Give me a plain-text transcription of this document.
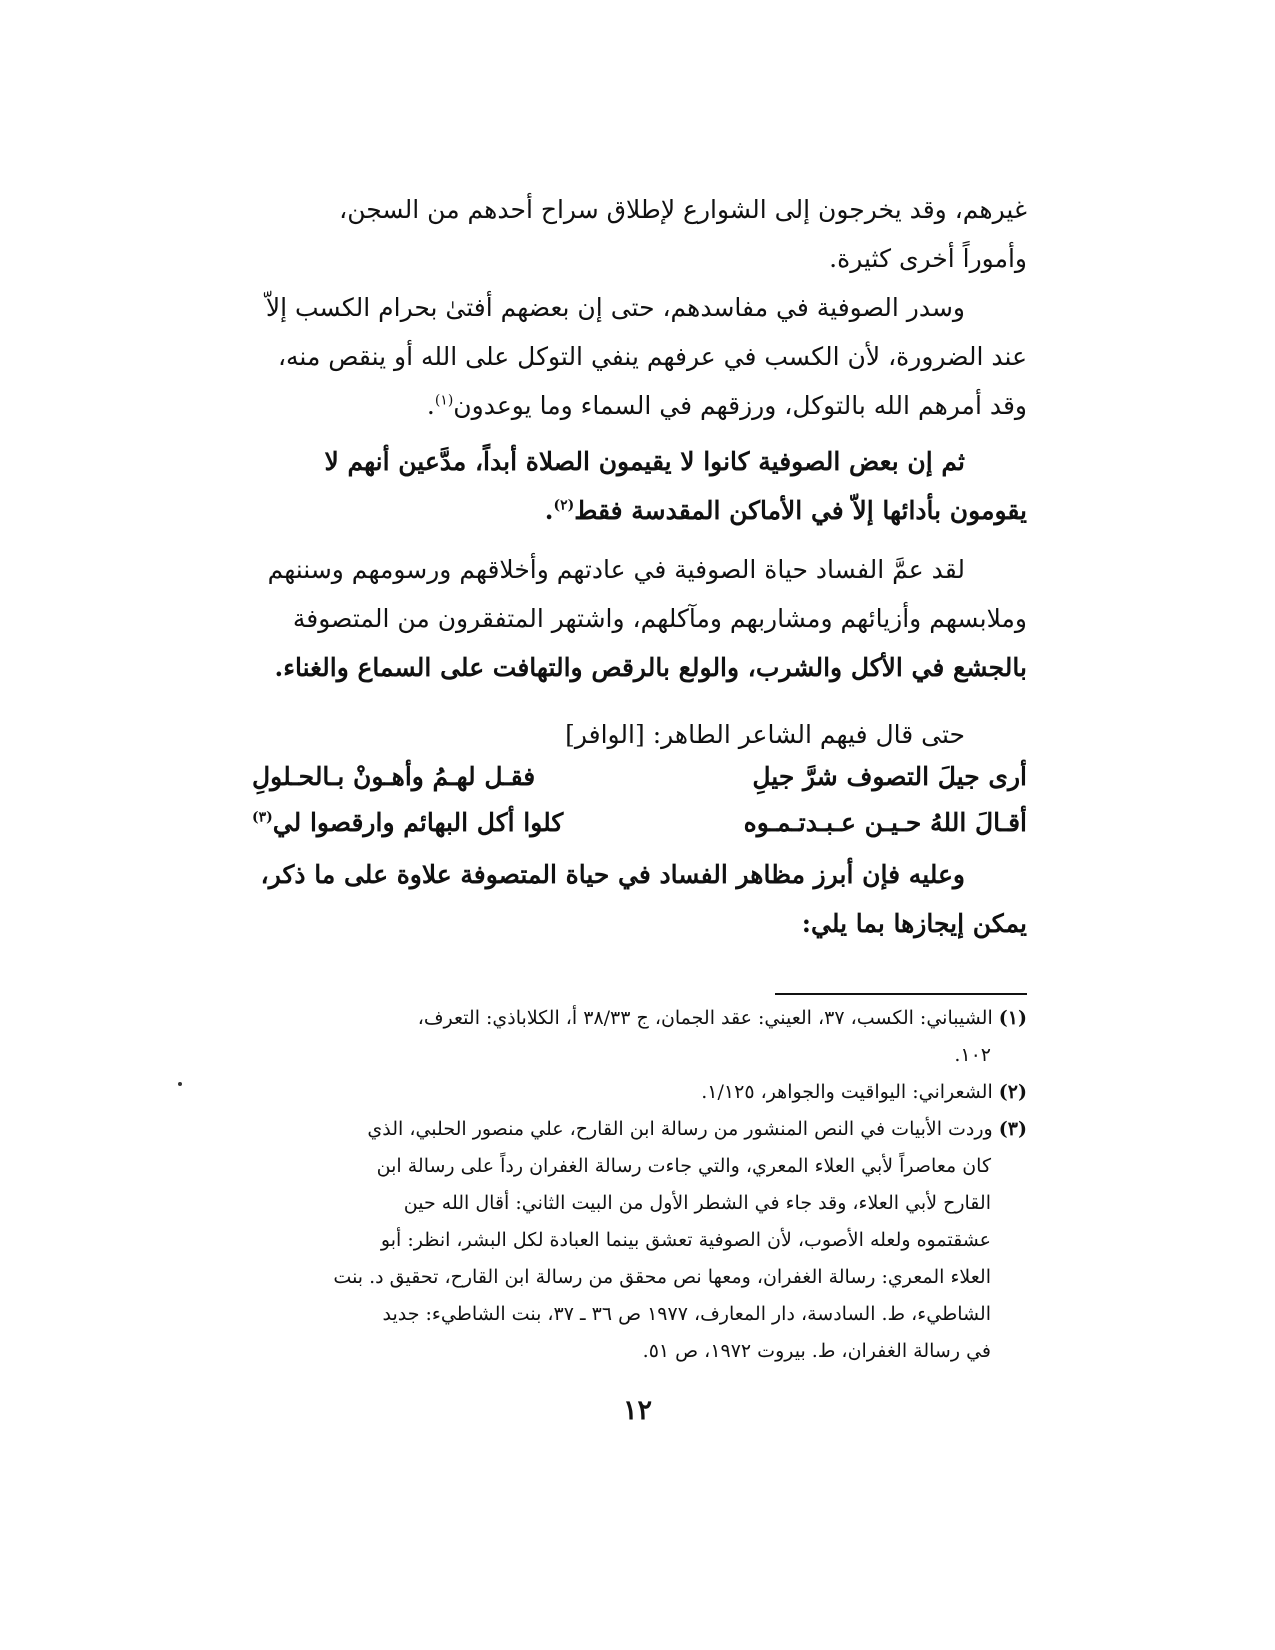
غيرهم، وقد يخرجون إلى الشوارع لإطلاق سراح أحدهم من السجن،

وأموراً أخرى كثيرة.

وسدر الصوفية في مفاسدهم، حتى إن بعضهم أفتىٰ بحرام الكسب إلاّ

عند الضرورة، لأن الكسب في عرفهم ينفي التوكل على الله أو ينقص منه،

وقد أمرهم الله بالتوكل، ورزقهم في السماء وما يوعدون$^{(١)}$.

ثم إن بعض الصوفية كانوا لا يقيمون الصلاة أبداً، مدَّعين أنهم لا

يقومون بأدائها إلاّ في الأماكن المقدسة فقط$^{(٢)}$.

لقد عمَّ الفساد حياة الصوفية في عادتهم وأخلاقهم ورسومهم وسننهم

وملابسهم وأزيائهم ومشاربهم ومآكلهم، واشتهر المتفقرون من المتصوفة

بالجشع في الأكل والشرب، والولع بالرقص والتهافت على السماع والغناء.

حتى قال فيهم الشاعر الطاهر: [الوافر]

أرى جيلَ التصوف شرَّ جيلِ
فقـل لهـمُ وأهـونْ بـالحـلولِ
أقـالَ اللهُ حـيـن عـبـدتـمـوه
كلوا أكل البهائم وارقصوا لي$^{(٣)}$

وعليه فإن أبرز مظاهر الفساد في حياة المتصوفة علاوة على ما ذكر،

يمكن إيجازها بما يلي:

(١) الشيباني: الكسب، ٣٧، العيني: عقد الجمان، ج ٣٨/٣٣ أ، الكلاباذي: التعرف،
١٠٢.

(٢) الشعراني: اليواقيت والجواهر، ١/١٢٥.

(٣) وردت الأبيات في النص المنشور من رسالة ابن القارح، علي منصور الحلبي، الذي
كان معاصراً لأبي العلاء المعري، والتي جاءت رسالة الغفران رداً على رسالة ابن
القارح لأبي العلاء، وقد جاء في الشطر الأول من البيت الثاني: أقال الله حين
عشقتموه ولعله الأصوب، لأن الصوفية تعشق بينما العبادة لكل البشر، انظر: أبو
العلاء المعري: رسالة الغفران، ومعها نص محقق من رسالة ابن القارح، تحقيق د. بنت
الشاطيء، ط. السادسة، دار المعارف، ١٩٧٧ ص ٣٦ ـ ٣٧، بنت الشاطيء: جديد
في رسالة الغفران، ط. بيروت ١٩٧٢، ص ٥١.

١٢
